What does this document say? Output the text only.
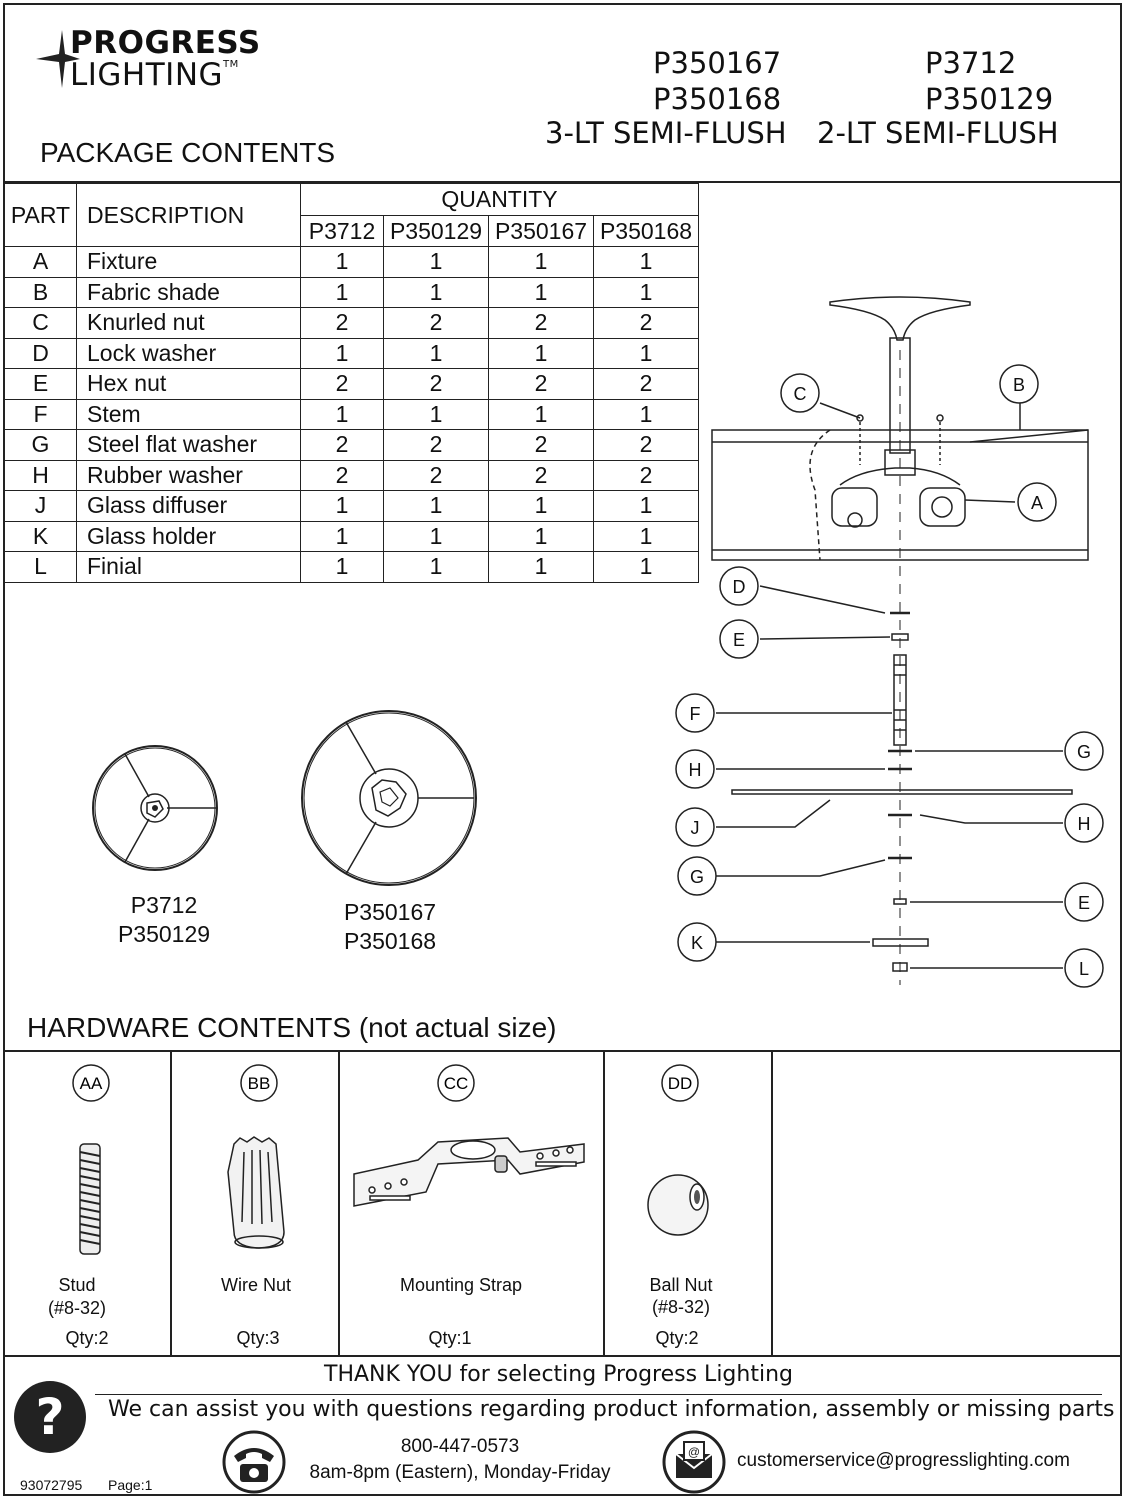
PROGRESS
LIGHTING™	P350167
P350168
3-LT SEMI-FLUSH
P3712
P350129
2-LT SEMI-FLUSH
PACKAGE CONTENTS
PART	DESCRIPTION	QUANTITY			
		P3712	P350129	P350167	P350168
A	Fixture	1	1	1	1
B	Fabric shade	1	1	1	1
C	Knurled nut	2	2	2	2
D	Lock washer	1	1	1	1
E	Hex nut	2	2	2	2
F	Stem	1	1	1	1
G	Steel flat washer	2	2	2	2
H	Rubber washer	2	2	2	2
J	Glass diffuser	1	1	1	1
K	Glass holder	1	1	1	1
L	Finial	1	1	1	1
P3712
P350129
P350167
P350168
C	B
A
D
E
F
G
H
J	H
G
E
K
L
HARDWARE CONTENTS (not actual size)
AA
Stud
(#8-32)
Qty:2
BB
Wire Nut
Qty:3
CC
Mounting Strap
Qty:1
DD
Ball Nut
(#8-32)
Qty:2
?
THANK YOU for selecting Progress Lighting
We can assist you with questions regarding product information, assembly or missing parts
800-447-0573
8am-8pm (Eastern), Monday-Friday
@ customerservice@progresslighting.com
93072795 Page:1
